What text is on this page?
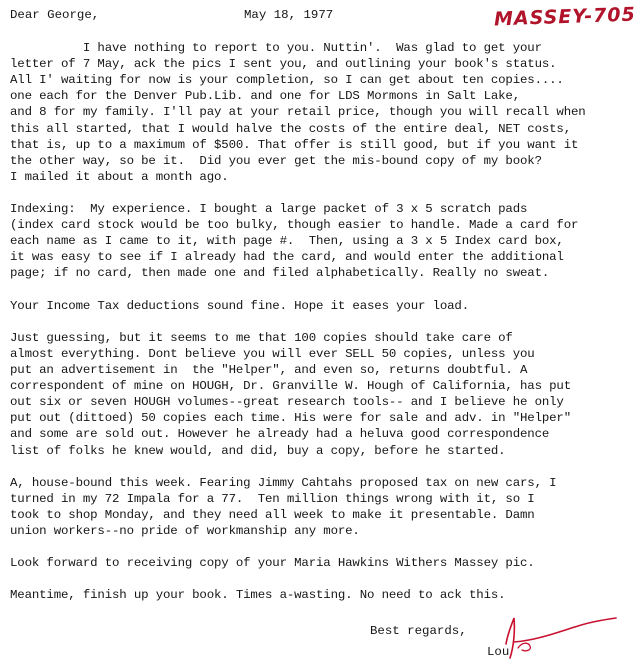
Dear George,	May 18, 1977	MASSEY-705
I have nothing to report to you. Nuttin'.  Was glad to get your
letter of 7 May, ack the pics I sent you, and outlining your book's status.
All I' waiting for now is your completion, so I can get about ten copies....
one each for the Denver Pub.Lib. and one for LDS Mormons in Salt Lake,
and 8 for my family. I'll pay at your retail price, though you will recall when
this all started, that I would halve the costs of the entire deal, NET costs,
that is, up to a maximum of $500. That offer is still good, but if you want it
the other way, so be it.  Did you ever get the mis-bound copy of my book?
I mailed it about a month ago.
Indexing:  My experience. I bought a large packet of 3 x 5 scratch pads
(index card stock would be too bulky, though easier to handle. Made a card for
each name as I came to it, with page #.  Then, using a 3 x 5 Index card box,
it was easy to see if I already had the card, and would enter the additional
page; if no card, then made one and filed alphabetically. Really no sweat.
Your Income Tax deductions sound fine. Hope it eases your load.
Just guessing, but it seems to me that 100 copies should take care of
almost everything. Dont believe you will ever SELL 50 copies, unless you
put an advertisement in  the "Helper", and even so, returns doubtful. A
correspondent of mine on HOUGH, Dr. Granville W. Hough of California, has put
out six or seven HOUGH volumes--great research tools-- and I believe he only
put out (dittoed) 50 copies each time. His were for sale and adv. in "Helper"
and some are sold out. However he already had a heluva good correspondence
list of folks he knew would, and did, buy a copy, before he started.
A, house-bound this week. Fearing Jimmy Cahtahs proposed tax on new cars, I
turned in my 72 Impala for a 77.  Ten million things wrong with it, so I
took to shop Monday, and they need all week to make it presentable. Damn
union workers--no pride of workmanship any more.
Look forward to receiving copy of your Maria Hawkins Withers Massey pic.
Meantime, finish up your book. Times a-wasting. No need to ack this.
Best regards,
Lou
